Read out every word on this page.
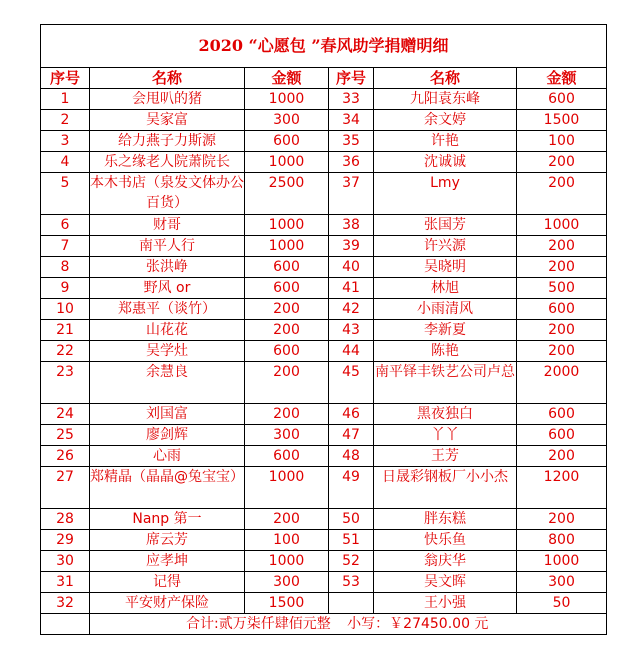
2020 “心愿包 ”春风助学捐赠明细					
序号	名称	金额	序号	名称	金额
1	会甩叭的猪	1000	33	九阳袁东峰	600
2	吴家富	300	34	余文婷	1500
3	给力燕子力斯源	600	35	许艳	100
4	乐之缘老人院萧院长	1000	36	沈诚诚	200
5	本木书店（泉发文体办公百货）	2500	37	Lmy	200
6	财哥	1000	38	张国芳	1000
7	南平人行	1000	39	许兴源	200
8	张洪峥	600	40	吴晓明	200
9	野风 or	600	41	林旭	500
10	郑惠平（谈竹）	200	42	小雨清风	600
21	山花花	200	43	李新夏	200
22	吴学灶	600	44	陈艳	200
23	余慧良	200	45	南平铎丰铁艺公司卢总	2000
24	刘国富	200	46	黑夜独白	600
25	廖剑辉	300	47	丫丫	600
26	心雨	600	48	王芳	200
27	郑精晶（晶晶@兔宝宝）	1000	49	日晟彩钢板厂小小杰	1200
28	Nanp 第一	200	50	胖东糕	200
29	席云芳	100	51	快乐鱼	800
30	应孝坤	1000	52	翁庆华	1000
31	记得	300	53	吴文晖	300
32	平安财产保险	1500		王小强	50
	合计:贰万柒仟肆佰元整 小写：￥27450.00 元				
